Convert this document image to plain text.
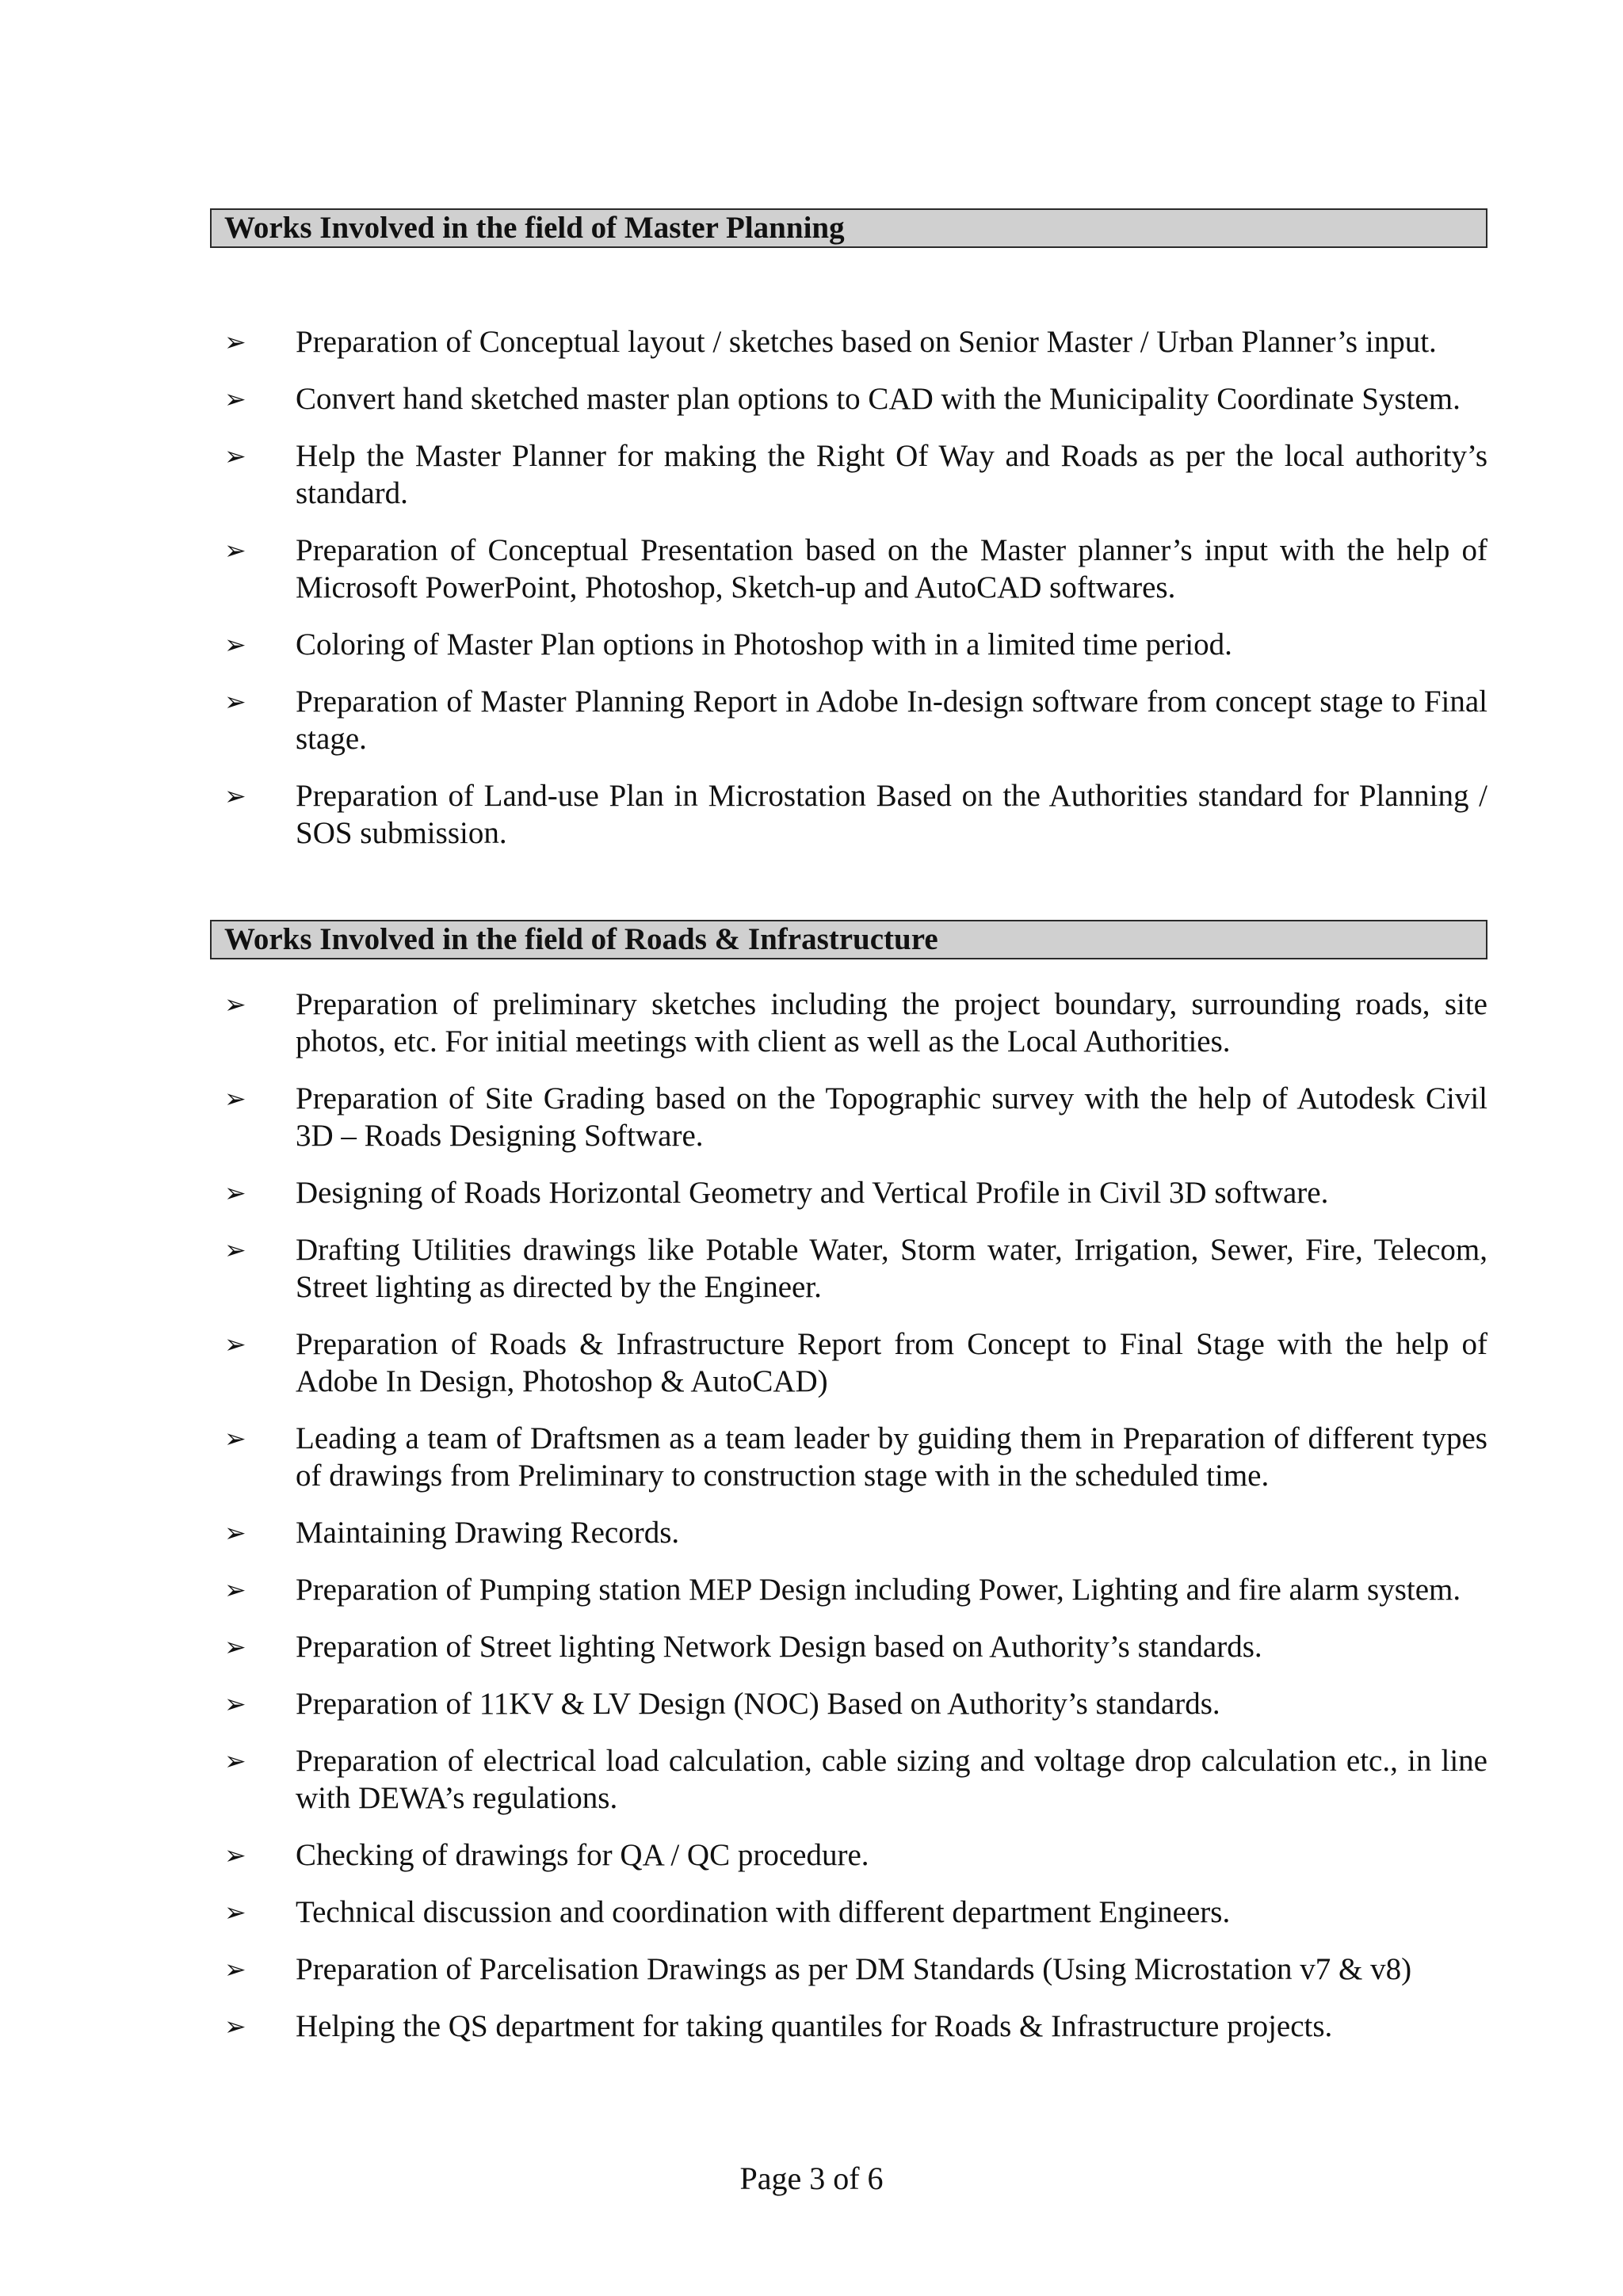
Works Involved in the field of Master Planning
➢ Preparation of Conceptual layout / sketches based on Senior Master / Urban Planner’s input.
➢ Convert hand sketched master plan options to CAD with the Municipality Coordinate System.
➢ Help the Master Planner for making the Right Of Way and Roads as per the local authority’s standard.
➢ Preparation of Conceptual Presentation based on the Master planner’s input with the help of Microsoft PowerPoint, Photoshop, Sketch-up and AutoCAD softwares.
➢ Coloring of Master Plan options in Photoshop with in a limited time period.
➢ Preparation of Master Planning Report in Adobe In-design software from concept stage to Final stage.
➢ Preparation of Land-use Plan in Microstation Based on the Authorities standard for Planning / SOS submission.
Works Involved in the field of Roads & Infrastructure
➢ Preparation of preliminary sketches including the project boundary, surrounding roads, site photos, etc. For initial meetings with client as well as the Local Authorities.
➢ Preparation of Site Grading based on the Topographic survey with the help of Autodesk Civil 3D – Roads Designing Software.
➢ Designing of Roads Horizontal Geometry and Vertical Profile in Civil 3D software.
➢ Drafting Utilities drawings like Potable Water, Storm water, Irrigation, Sewer, Fire, Telecom, Street lighting as directed by the Engineer.
➢ Preparation of Roads & Infrastructure Report from Concept to Final Stage with the help of Adobe In Design, Photoshop & AutoCAD)
➢ Leading a team of Draftsmen as a team leader by guiding them in Preparation of different types of drawings from Preliminary to construction stage with in the scheduled time.
➢ Maintaining Drawing Records.
➢ Preparation of Pumping station MEP Design including Power, Lighting and fire alarm system.
➢ Preparation of Street lighting Network Design based on Authority’s standards.
➢ Preparation of 11KV & LV Design (NOC) Based on Authority’s standards.
➢ Preparation of electrical load calculation, cable sizing and voltage drop calculation etc., in line with DEWA’s regulations.
➢ Checking of drawings for QA / QC procedure.
➢ Technical discussion and coordination with different department Engineers.
➢ Preparation of Parcelisation Drawings as per DM Standards (Using Microstation v7 & v8)
➢ Helping the QS department for taking quantiles for Roads & Infrastructure projects.
Page 3 of 6
